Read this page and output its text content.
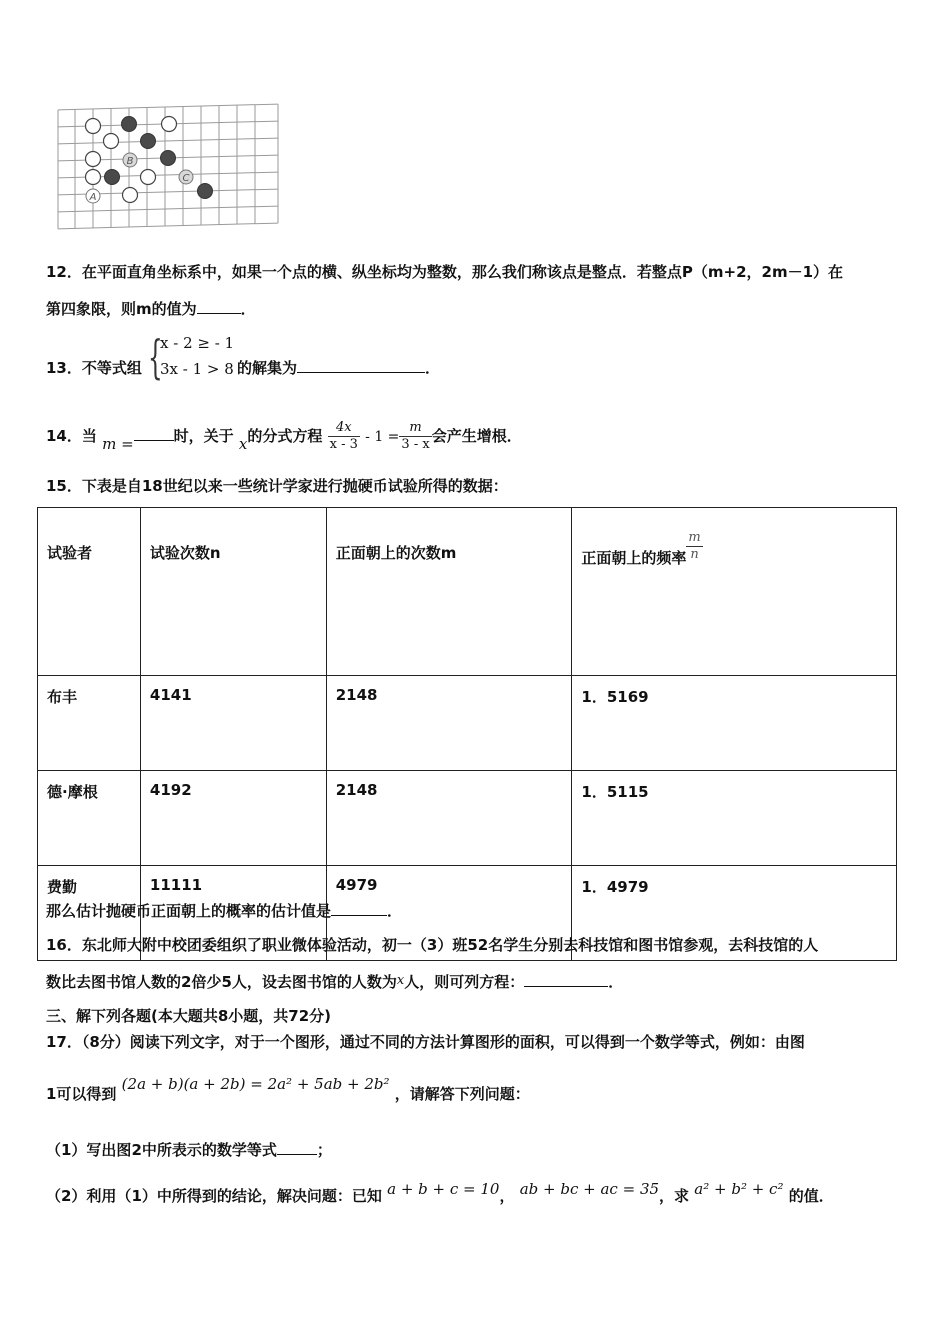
A
B
C
12．在平面直角坐标系中，如果一个点的横、纵坐标均为整数，那么我们称该点是整点．若整点P（m+2，2m－1）在
第四象限，则m的值为	．
13．不等式组 {
x - 2 ≥ - 1
3x - 1 > 8 的解集为	．
14．当 m =	时，关于 x的分式方程 $\frac{4x}{x - 3} - 1 = \frac{m}{3 - x}$ 会产生增根．
15．下表是自18世纪以来一些统计学家进行抛硬币试验所得的数据：
试验者	试验次数n	正面朝上的次数m	正面朝上的频率 $\frac{m}{n}$

布丰	4141	2148	1．5169
德·摩根	4192	2148	1．5115
费勤	11111	4979	1．4979
那么估计抛硬币正面朝上的概率的估计值是	．
16．东北师大附中校团委组织了职业微体验活动，初一（3）班52名学生分别去科技馆和图书馆参观，去科技馆的人
数比去图书馆人数的2倍少5人，设去图书馆的人数为x人，则可列方程：	．
三、解下列各题(本大题共8小题，共72分)
17．（8分）阅读下列文字，对于一个图形，通过不同的方法计算图形的面积，可以得到一个数学等式，例如：由图
1可以得到 (2a + b)(a + 2b) = 2a² + 5ab + 2b² ，请解答下列问题：
（1）写出图2中所表示的数学等式	；
（2）利用（1）中所得到的结论，解决问题：已知 a + b + c = 10， ab + bc + ac = 35，求 a² + b² + c² 的值．
